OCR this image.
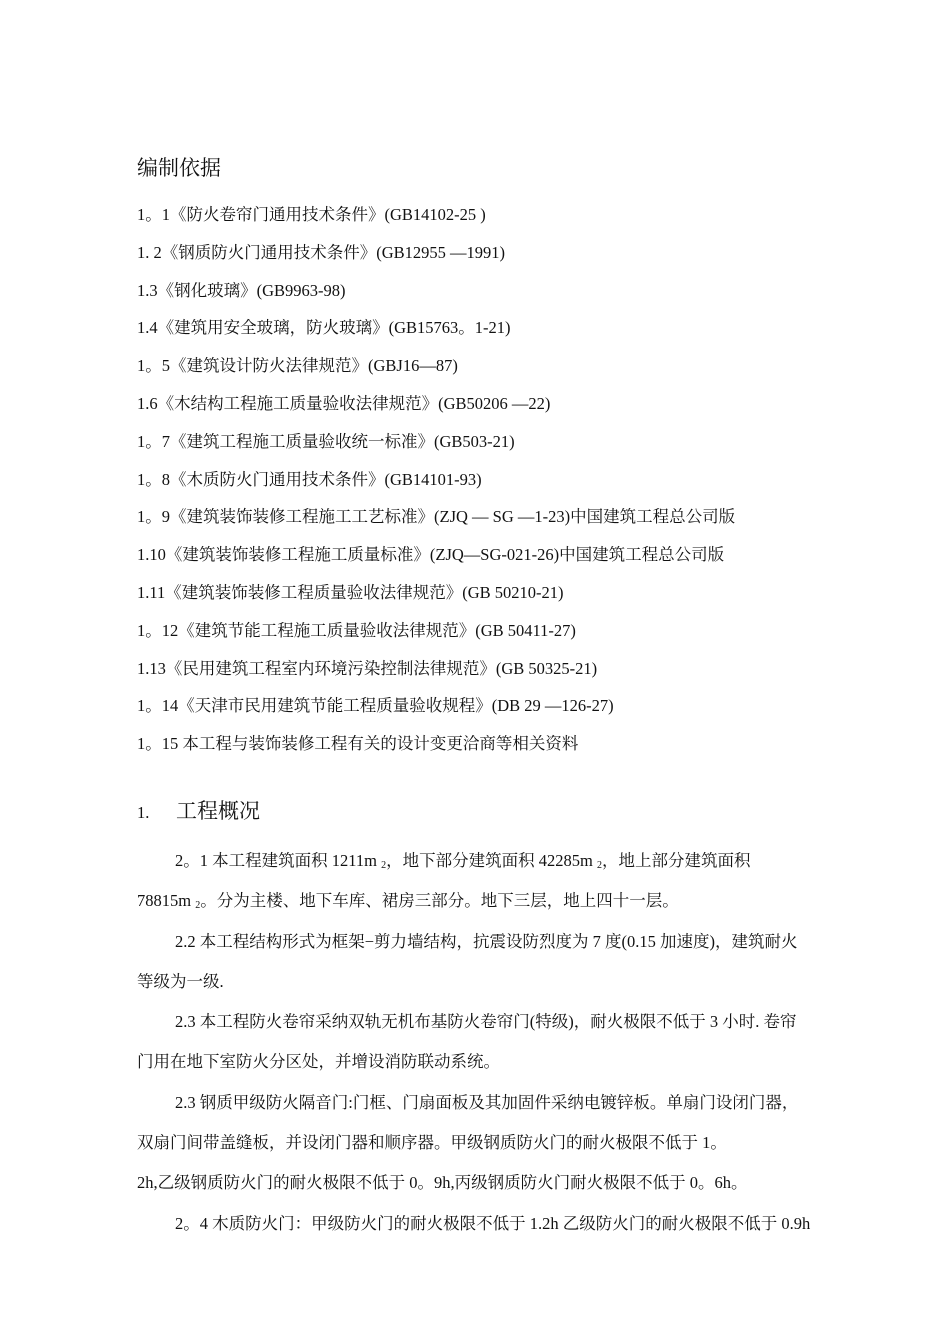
编制依据
1。1《防火卷帘门通用技术条件》(GB14102-25 )
1. 2《钢质防火门通用技术条件》(GB12955 —1991)
1.3《钢化玻璃》(GB9963-98)
1.4《建筑用安全玻璃，防火玻璃》(GB15763。1-21)
1。5《建筑设计防火法律规范》(GBJ16—87)
1.6《木结构工程施工质量验收法律规范》(GB50206 —22)
1。7《建筑工程施工质量验收统一标准》(GB503-21)
1。8《木质防火门通用技术条件》(GB14101-93)
1。9《建筑装饰装修工程施工工艺标准》(ZJQ — SG —1-23)中国建筑工程总公司版
1.10《建筑装饰装修工程施工质量标准》(ZJQ—SG-021-26)中国建筑工程总公司版
1.11《建筑装饰装修工程质量验收法律规范》(GB 50210-21)
1。12《建筑节能工程施工质量验收法律规范》(GB 50411-27)
1.13《民用建筑工程室内环境污染控制法律规范》(GB 50325-21)
1。14《天津市民用建筑节能工程质量验收规程》(DB 29 —126-27)
1。15 本工程与装饰装修工程有关的设计变更洽商等相关资料
1. 工程概况
2。1 本工程建筑面积 1211m $_2$，地下部分建筑面积 42285m $_2$，地上部分建筑面积
78815m $_2$。分为主楼、地下车库、裙房三部分。地下三层，地上四十一层。
2.2 本工程结构形式为框架−剪力墙结构，抗震设防烈度为 7 度(0.15 加速度)，建筑耐火
等级为一级.
2.3 本工程防火卷帘采纳双轨无机布基防火卷帘门(特级)，耐火极限不低于 3 小时. 卷帘
门用在地下室防火分区处，并增设消防联动系统。
2.3 钢质甲级防火隔音门:门框、门扇面板及其加固件采纳电镀锌板。单扇门设闭门器，
双扇门间带盖缝板，并设闭门器和顺序器。甲级钢质防火门的耐火极限不低于 1。
2h,乙级钢质防火门的耐火极限不低于 0。9h,丙级钢质防火门耐火极限不低于 0。6h。
2。4 木质防火门：甲级防火门的耐火极限不低于 1.2h 乙级防火门的耐火极限不低于 0.9h
